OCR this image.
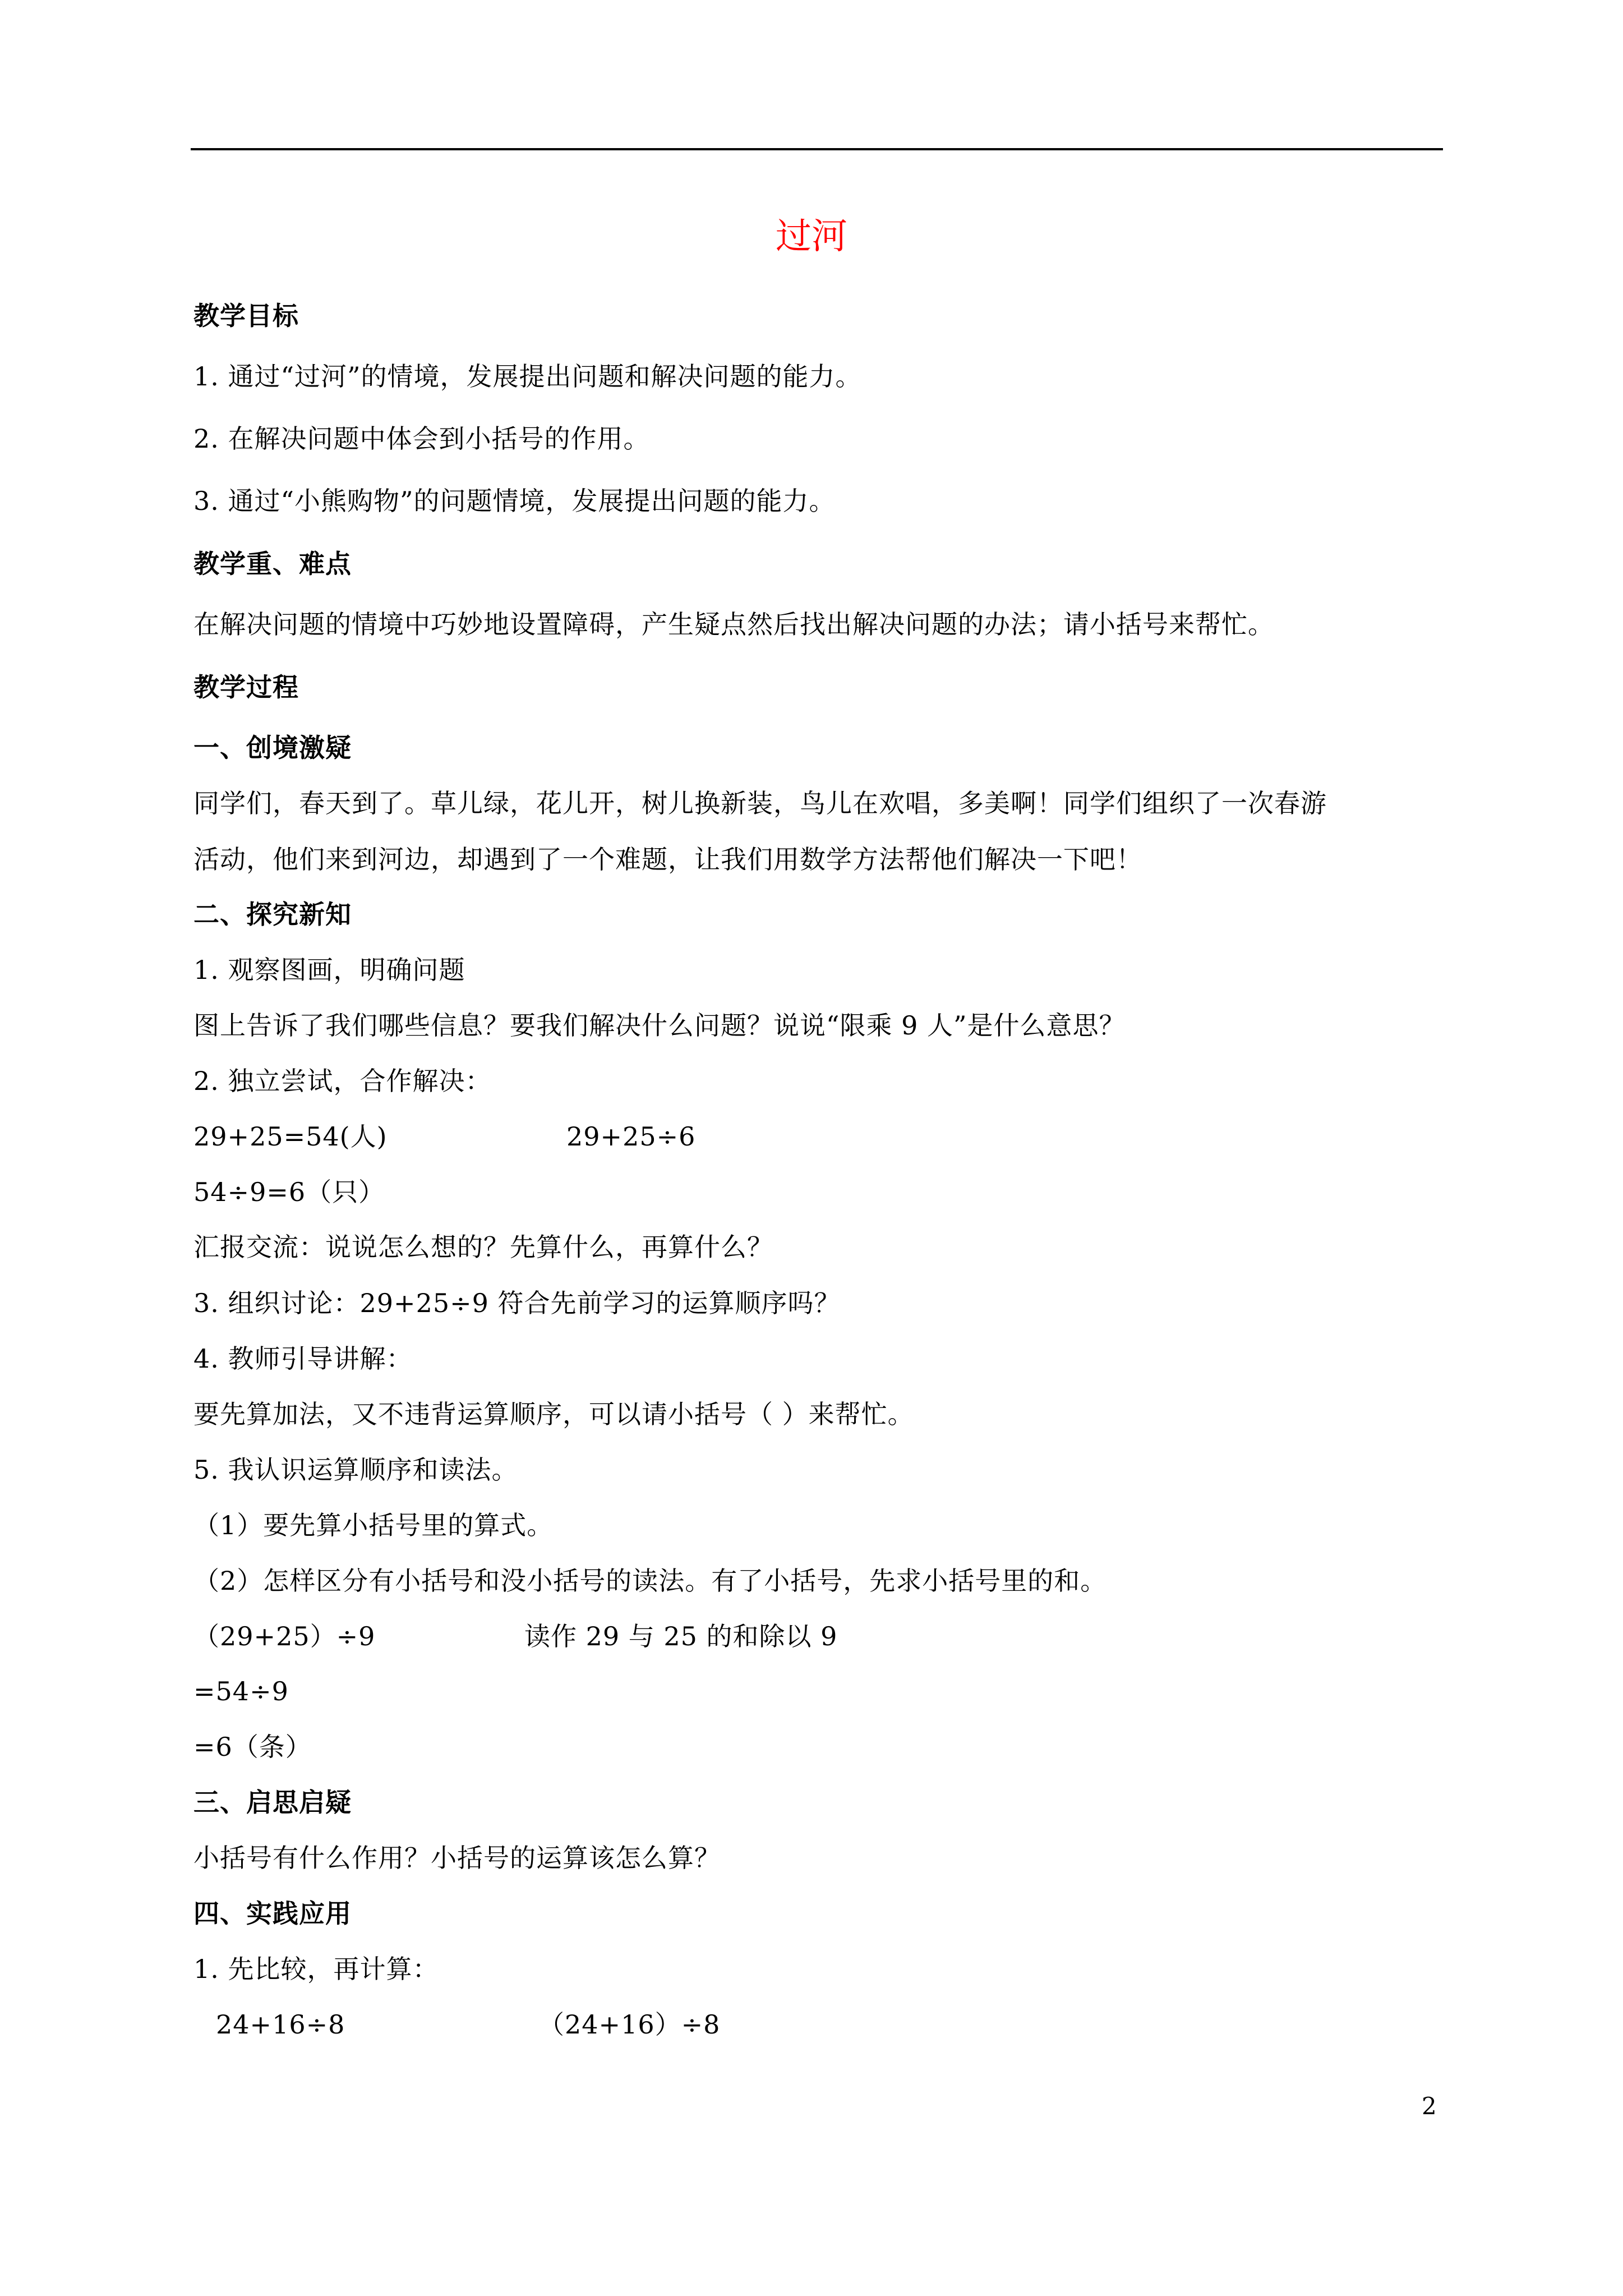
过河
教学目标
1. 通过“过河”的情境，发展提出问题和解决问题的能力。
2. 在解决问题中体会到小括号的作用。
3. 通过“小熊购物”的问题情境，发展提出问题的能力。
教学重、难点
在解决问题的情境中巧妙地设置障碍，产生疑点然后找出解决问题的办法；请小括号来帮忙。
教学过程
一、创境激疑
同学们，春天到了。草儿绿，花儿开，树儿换新装，鸟儿在欢唱，多美啊！同学们组织了一次春游
活动，他们来到河边，却遇到了一个难题，让我们用数学方法帮他们解决一下吧！
二、探究新知
1. 观察图画，明确问题
图上告诉了我们哪些信息？要我们解决什么问题？说说“限乘 9 人”是什么意思？
2. 独立尝试，合作解决：
29+25=54(人)	29+25÷6
54÷9=6（只）
汇报交流：说说怎么想的？先算什么，再算什么？
3. 组织讨论：29+25÷9 符合先前学习的运算顺序吗？
4. 教师引导讲解：
要先算加法，又不违背运算顺序，可以请小括号（ ）来帮忙。
5. 我认识运算顺序和读法。
（1）要先算小括号里的算式。
（2）怎样区分有小括号和没小括号的读法。有了小括号，先求小括号里的和。
（29+25）÷9	读作 29 与 25 的和除以 9
=54÷9
=6（条）
三、启思启疑
小括号有什么作用？小括号的运算该怎么算？
四、实践应用
1. 先比较，再计算：
24+16÷8	（24+16）÷8
2
